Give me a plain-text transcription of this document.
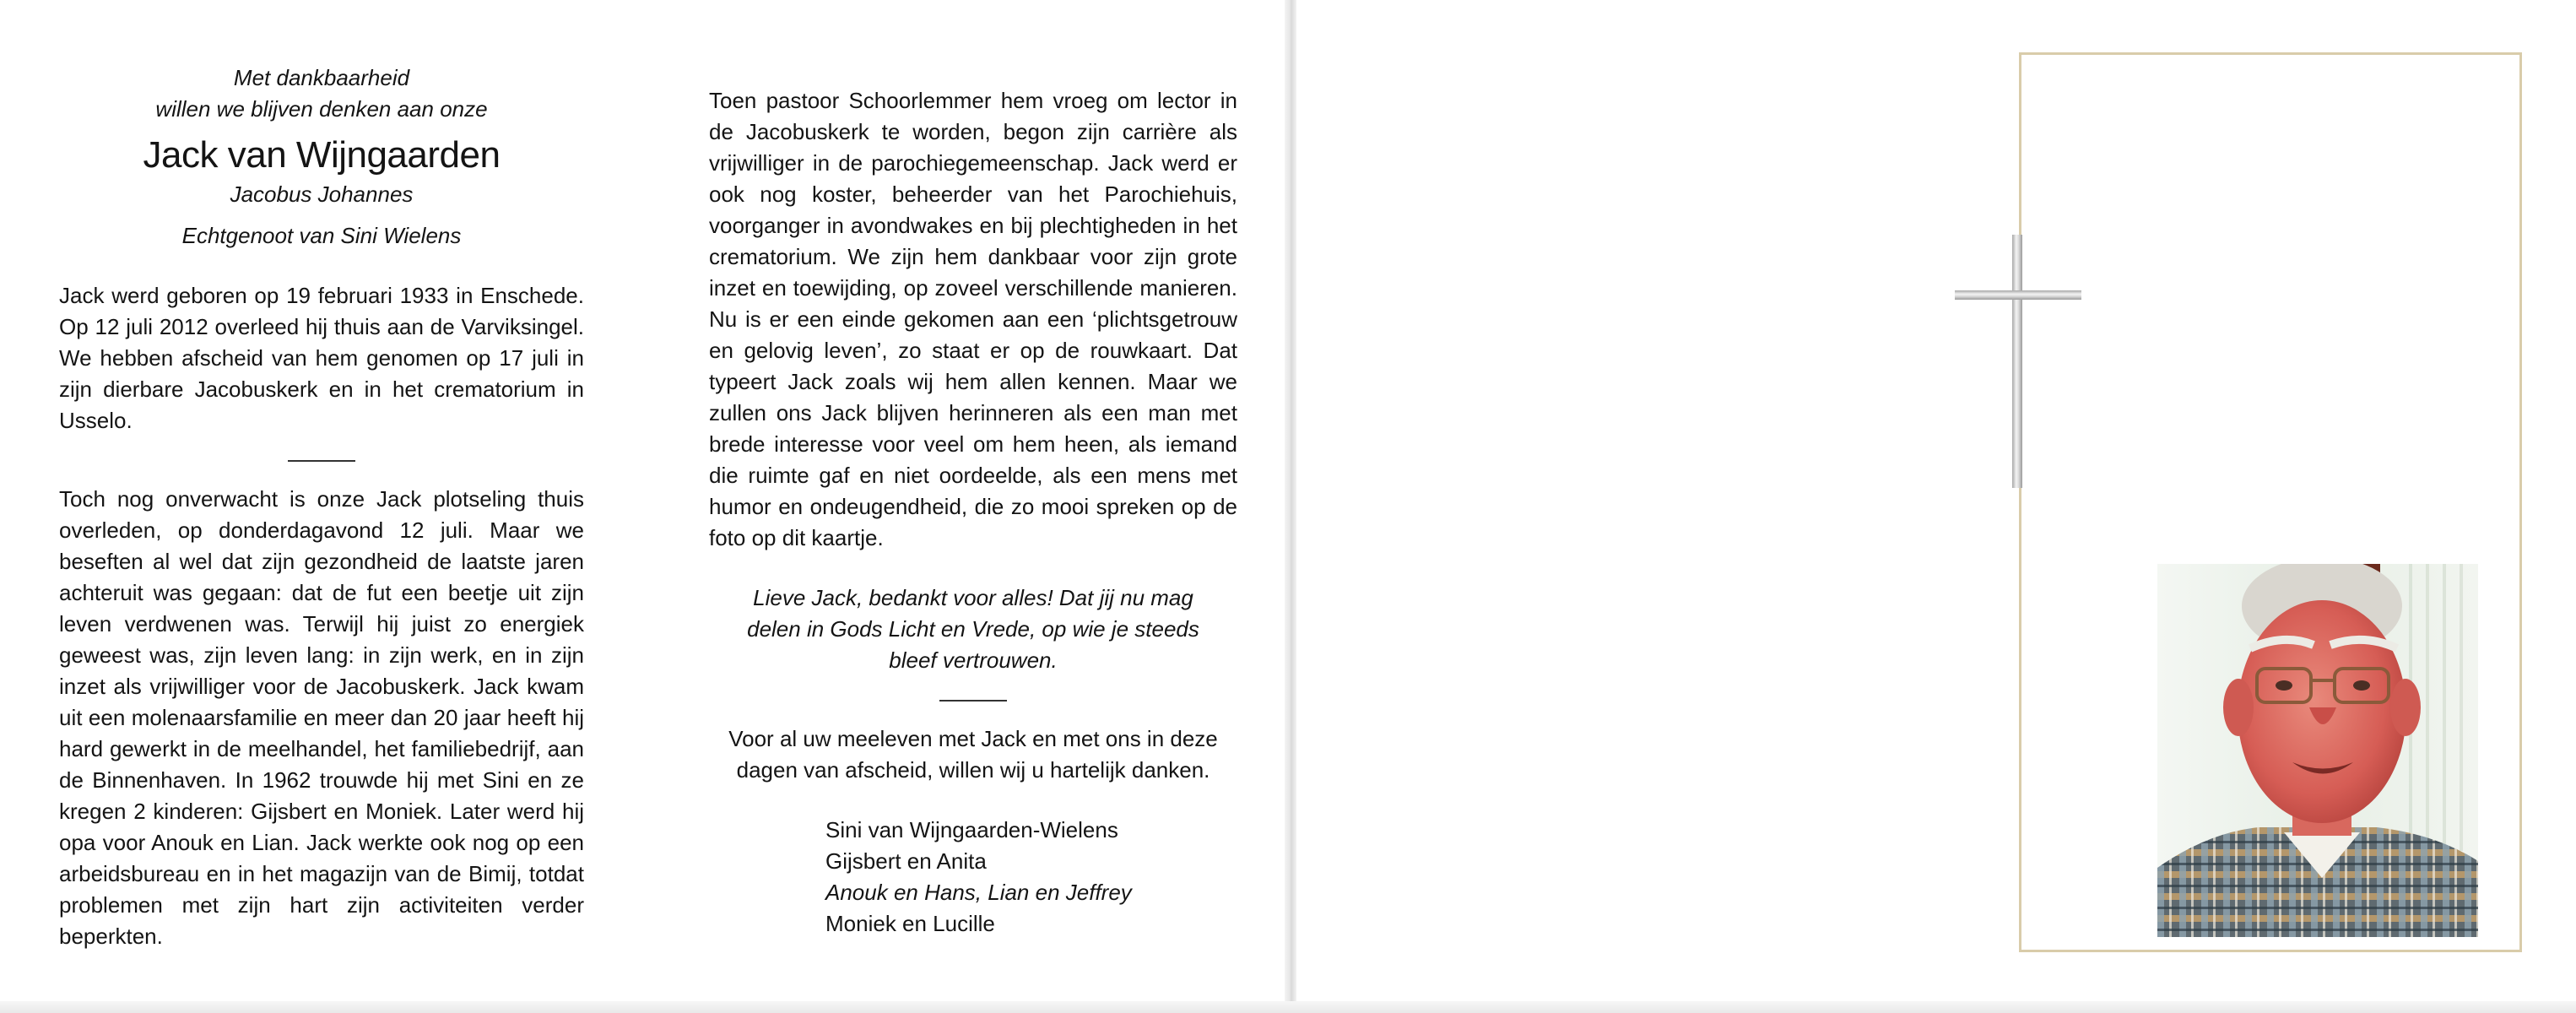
Met dankbaarheid

willen we blijven denken aan onze

Jack van Wijngaarden

Jacobus Johannes

Echtgenoot van Sini Wielens

Jack werd geboren op 19 februari 1933 in Enschede. Op 12 juli 2012 overleed hij thuis aan de Varviksingel. We hebben afscheid van hem genomen op 17 juli in zijn dierbare Jacobuskerk en in het crematorium in Usselo.

Toch nog onverwacht is onze Jack plotseling thuis overleden, op donderdagavond 12 juli. Maar we beseften al wel dat zijn gezondheid de laatste jaren achteruit was gegaan: dat de fut een beetje uit zijn leven verdwenen was. Terwijl hij juist zo energiek geweest was, zijn leven lang: in zijn werk, en in zijn inzet als vrijwilliger voor de Jacobuskerk. Jack kwam uit een molenaarsfamilie en meer dan 20 jaar heeft hij hard gewerkt in de meelhandel, het familiebedrijf, aan de Binnenhaven. In 1962 trouwde hij met Sini en ze kregen 2 kinderen: Gijsbert en Moniek. Later werd hij opa voor Anouk en Lian. Jack werkte ook nog op een arbeidsbureau en in het magazijn van de Bimij, totdat problemen met zijn hart zijn activiteiten verder beperkten.

Toen pastoor Schoorlemmer hem vroeg om lector in de Jacobuskerk te worden, begon zijn carrière als vrijwilliger in de parochiegemeenschap. Jack werd er ook nog koster, beheerder van het Parochiehuis, voorganger in avondwakes en bij plechtigheden in het crematorium. We zijn hem dankbaar voor zijn grote inzet en toewijding, op zoveel verschillende manieren. Nu is er een einde gekomen aan een ‘plichtsgetrouw en gelovig leven’, zo staat er op de rouwkaart. Dat typeert Jack zoals wij hem allen kennen. Maar we zullen ons Jack blijven herinneren als een man met brede interesse voor veel om hem heen, als iemand die ruimte gaf en niet oordeelde, als een mens met humor en ondeugendheid, die zo mooi spreken op de foto op dit kaartje.

Lieve Jack, bedankt voor alles! Dat jij nu mag
delen in Gods Licht en Vrede, op wie je steeds
bleef vertrouwen.

Voor al uw meeleven met Jack en met ons in deze dagen van afscheid, willen wij u hartelijk danken.

Sini van Wijngaarden-Wielens
Gijsbert en Anita
Anouk en Hans, Lian en Jeffrey
Moniek en Lucille
